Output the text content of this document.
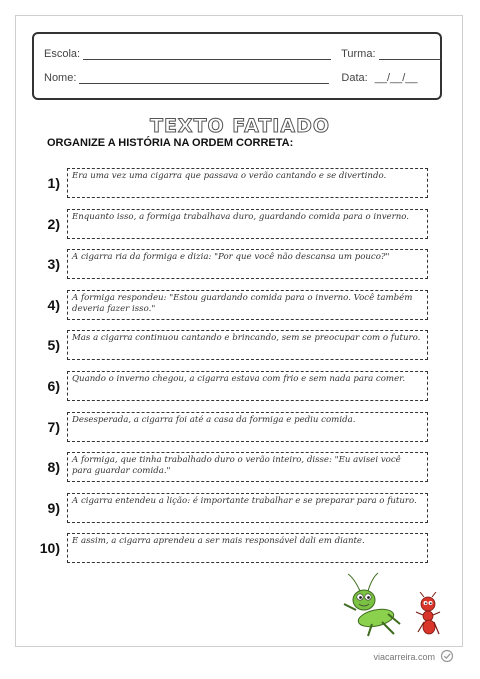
Escola:	Turma:
Nome:	Data: __/__/__
TEXTO FATIADO
ORGANIZE A HISTÓRIA NA ORDEM CORRETA:
1)	Era uma vez uma cigarra que passava o verão cantando e se divertindo.
2)	Enquanto isso, a formiga trabalhava duro, guardando comida para o inverno.
3)	A cigarra ria da formiga e dizia: "Por que você não descansa um pouco?"
4)	A formiga respondeu: "Estou guardando comida para o inverno. Você também deveria fazer isso."
5)	Mas a cigarra continuou cantando e brincando, sem se preocupar com o futuro.
6)	Quando o inverno chegou, a cigarra estava com frio e sem nada para comer.
7)	Desesperada, a cigarra foi até a casa da formiga e pediu comida.
8)	A formiga, que tinha trabalhado duro o verão inteiro, disse: "Eu avisei você para guardar comida."
9)	A cigarra entendeu a lição: é importante trabalhar e se preparar para o futuro.
10)	E assim, a cigarra aprendeu a ser mais responsável dali em diante.
viacarreira.com
